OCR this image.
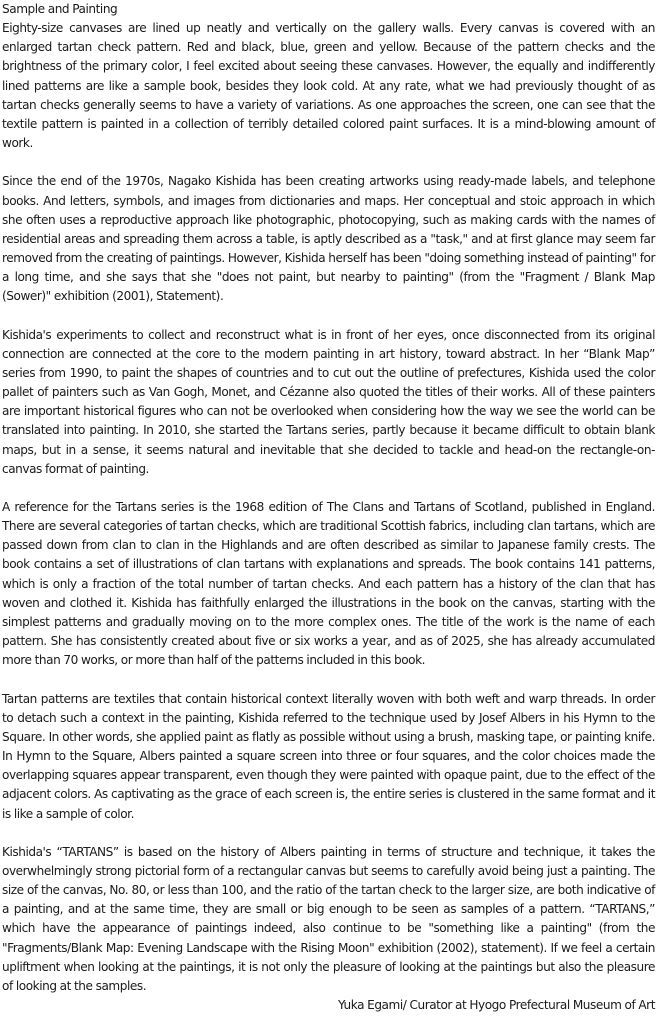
Sample and Painting

Eighty-size canvases are lined up neatly and vertically on the gallery walls. Every canvas is covered with an enlarged tartan check pattern. Red and black, blue, green and yellow. Because of the pattern checks and the brightness of the primary color, I feel excited about seeing these canvases. However, the equally and indifferently lined patterns are like a sample book, besides they look cold. At any rate, what we had previously thought of as tartan checks generally seems to have a variety of variations. As one approaches the screen, one can see that the textile pattern is painted in a collection of terribly detailed colored paint surfaces. It is a mind-blowing amount of work.

Since the end of the 1970s, Nagako Kishida has been creating artworks using ready-made labels, and telephone books. And letters, symbols, and images from dictionaries and maps. Her conceptual and stoic approach in which she often uses a reproductive approach like photographic, photocopying, such as making cards with the names of residential areas and spreading them across a table, is aptly described as a "task," and at first glance may seem far removed from the creating of paintings. However, Kishida herself has been "doing something instead of painting" for a long time, and she says that she "does not paint, but nearby to painting" (from the "Fragment / Blank Map (Sower)" exhibition (2001), Statement).

Kishida's experiments to collect and reconstruct what is in front of her eyes, once disconnected from its original connection are connected at the core to the modern painting in art history, toward abstract. In her “Blank Map” series from 1990, to paint the shapes of countries and to cut out the outline of prefectures, Kishida used the color pallet of painters such as Van Gogh, Monet, and Cézanne also quoted the titles of their works. All of these painters are important historical figures who can not be overlooked when considering how the way we see the world can be translated into painting. In 2010, she started the Tartans series, partly because it became difficult to obtain blank maps, but in a sense, it seems natural and inevitable that she decided to tackle and head-on the rectangle-on-canvas format of painting.

A reference for the Tartans series is the 1968 edition of The Clans and Tartans of Scotland, published in England. There are several categories of tartan checks, which are traditional Scottish fabrics, including clan tartans, which are passed down from clan to clan in the Highlands and are often described as similar to Japanese family crests. The book contains a set of illustrations of clan tartans with explanations and spreads. The book contains 141 patterns, which is only a fraction of the total number of tartan checks. And each pattern has a history of the clan that has woven and clothed it. Kishida has faithfully enlarged the illustrations in the book on the canvas, starting with the simplest patterns and gradually moving on to the more complex ones. The title of the work is the name of each pattern. She has consistently created about five or six works a year, and as of 2025, she has already accumulated more than 70 works, or more than half of the patterns included in this book.

Tartan patterns are textiles that contain historical context literally woven with both weft and warp threads. In order to detach such a context in the painting, Kishida referred to the technique used by Josef Albers in his Hymn to the Square. In other words, she applied paint as flatly as possible without using a brush, masking tape, or painting knife. In Hymn to the Square, Albers painted a square screen into three or four squares, and the color choices made the overlapping squares appear transparent, even though they were painted with opaque paint, due to the effect of the adjacent colors. As captivating as the grace of each screen is, the entire series is clustered in the same format and it is like a sample of color.

Kishida's “TARTANS” is based on the history of Albers painting in terms of structure and technique, it takes the overwhelmingly strong pictorial form of a rectangular canvas but seems to carefully avoid being just a painting. The size of the canvas, No. 80, or less than 100, and the ratio of the tartan check to the larger size, are both indicative of a painting, and at the same time, they are small or big enough to be seen as samples of a pattern. “TARTANS,” which have the appearance of paintings indeed, also continue to be "something like a painting" (from the "Fragments/Blank Map: Evening Landscape with the Rising Moon" exhibition (2002), statement). If we feel a certain upliftment when looking at the paintings, it is not only the pleasure of looking at the paintings but also the pleasure of looking at the samples.

Yuka Egami/ Curator at Hyogo Prefectural Museum of Art
